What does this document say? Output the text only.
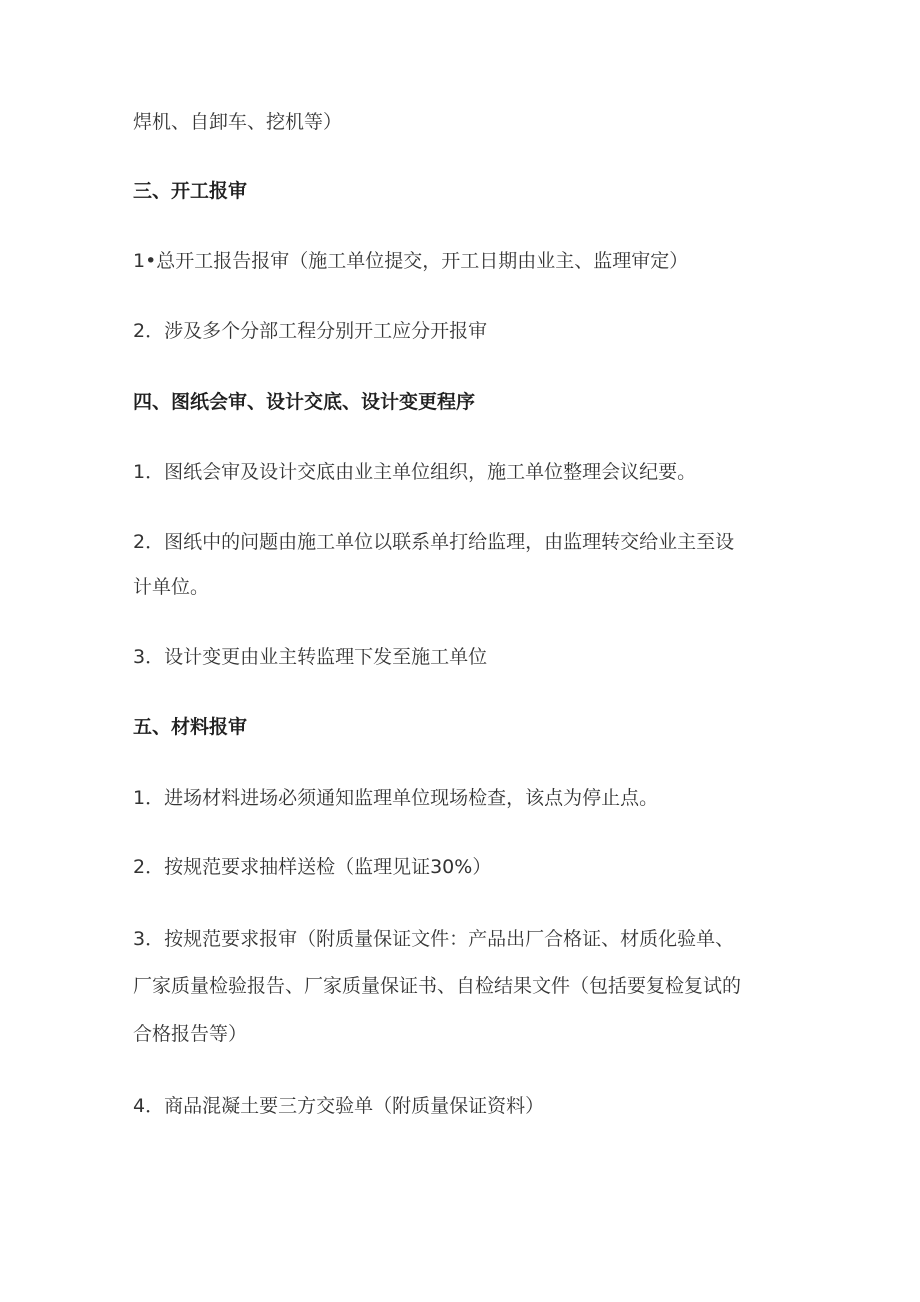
焊机、自卸车、挖机等）
三、开工报审
1•总开工报告报审（施工单位提交，开工日期由业主、监理审定）
2．涉及多个分部工程分别开工应分开报审
四、图纸会审、设计交底、设计变更程序
1．图纸会审及设计交底由业主单位组织，施工单位整理会议纪要。
2．图纸中的问题由施工单位以联系单打给监理，由监理转交给业主至设
计单位。
3．设计变更由业主转监理下发至施工单位
五、材料报审
1．进场材料进场必须通知监理单位现场检查，该点为停止点。
2．按规范要求抽样送检（监理见证30%）
3．按规范要求报审（附质量保证文件：产品出厂合格证、材质化验单、
厂家质量检验报告、厂家质量保证书、自检结果文件（包括要复检复试的
合格报告等）
4．商品混凝土要三方交验单（附质量保证资料）
